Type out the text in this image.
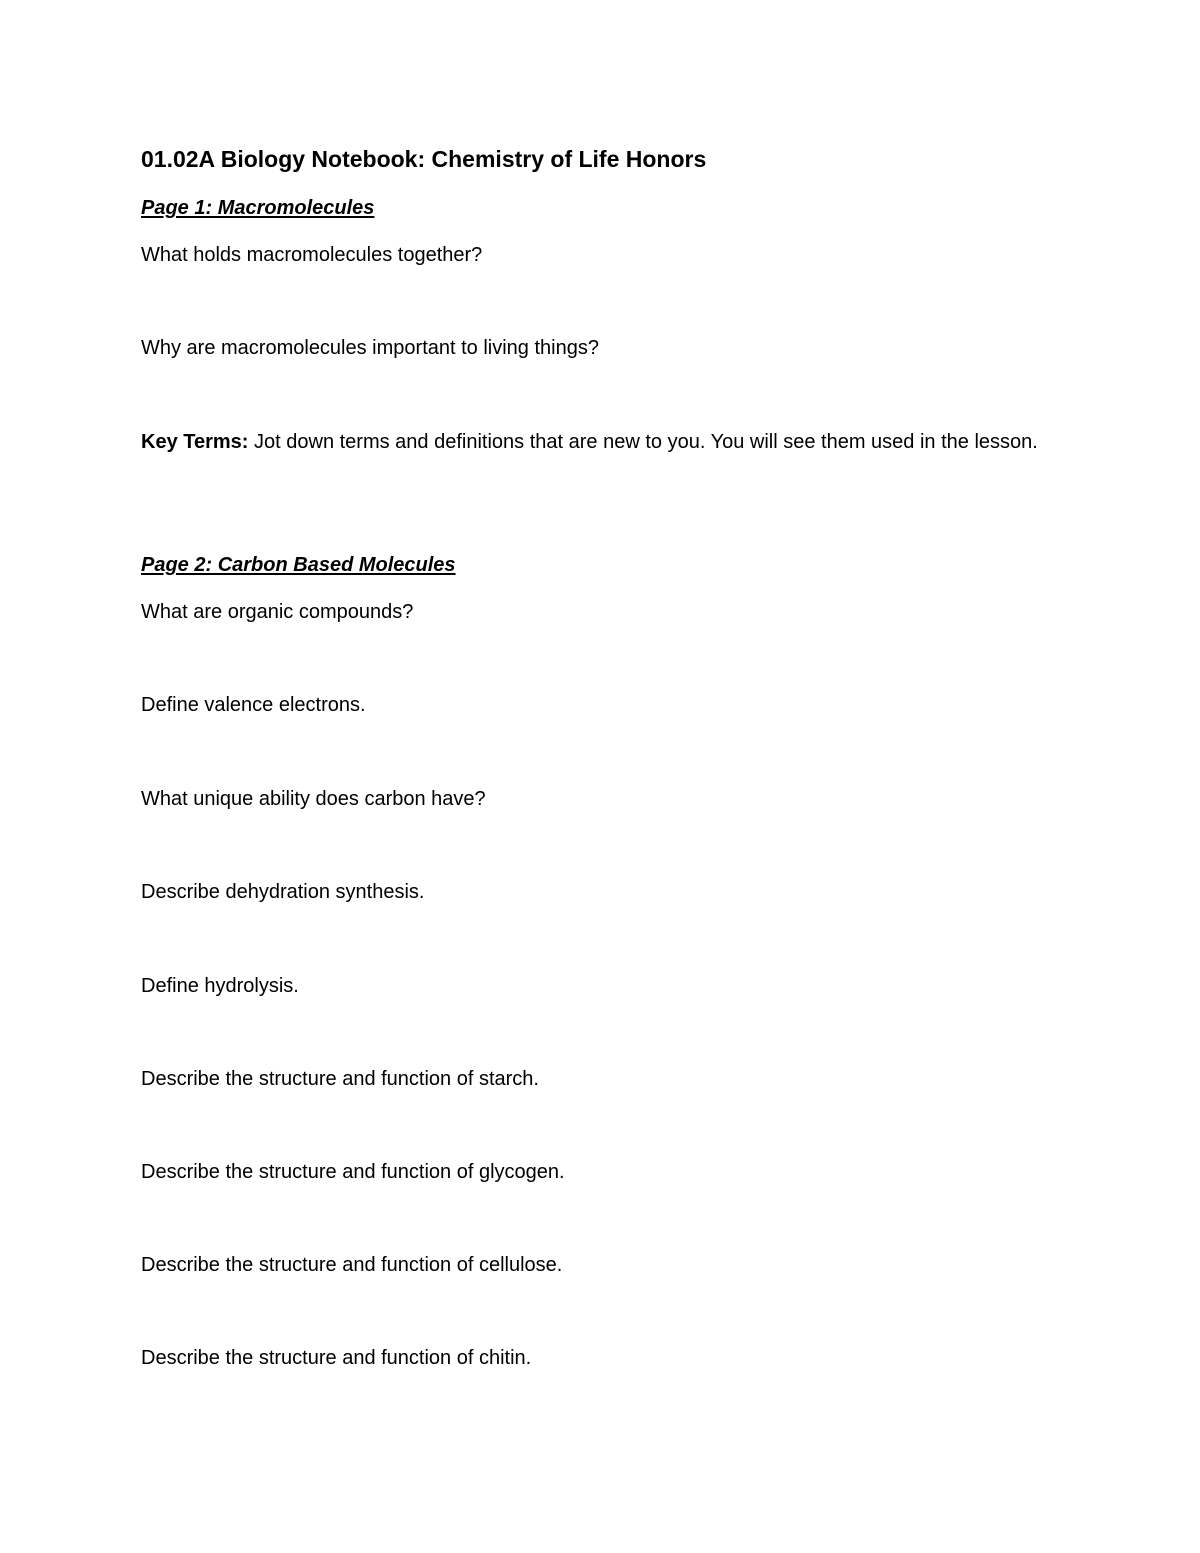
01.02A Biology Notebook: Chemistry of Life Honors

Page 1: Macromolecules

What holds macromolecules together?

Why are macromolecules important to living things?

Key Terms: Jot down terms and definitions that are new to you. You will see them used in the lesson.

Page 2: Carbon Based Molecules

What are organic compounds?

Define valence electrons.

What unique ability does carbon have?

Describe dehydration synthesis.

Define hydrolysis.

Describe the structure and function of starch.

Describe the structure and function of glycogen.

Describe the structure and function of cellulose.

Describe the structure and function of chitin.
